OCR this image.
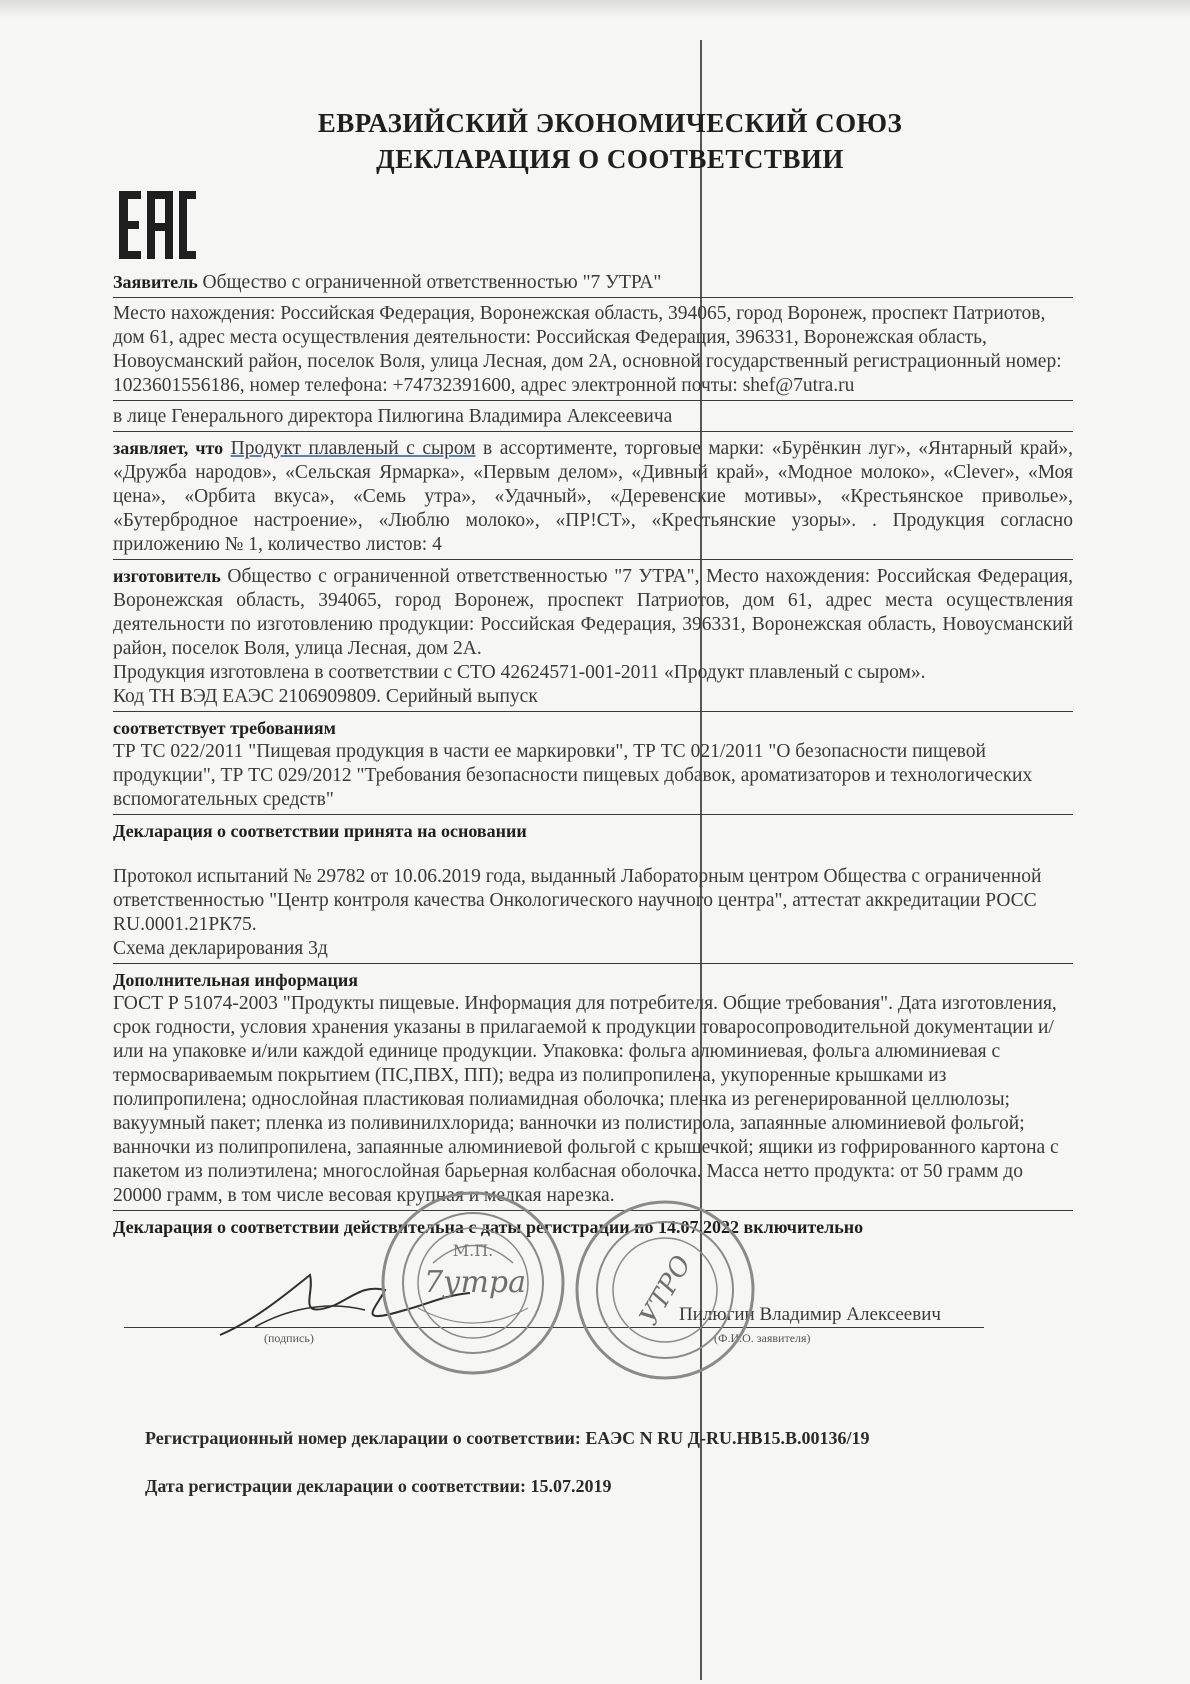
ЕВРАЗИЙСКИЙ ЭКОНОМИЧЕСКИЙ СОЮЗ
ДЕКЛАРАЦИЯ О СООТВЕТСТВИИ
Заявитель Общество с ограниченной ответственностью "7 УТРА"
Место нахождения: Российская Федерация, Воронежская область, 394065, город Воронеж, проспект Патриотов, дом 61, адрес места осуществления деятельности: Российская Федерация, 396331, Воронежская область, Новоусманский район, поселок Воля, улица Лесная, дом 2А, основной государственный регистрационный номер: 1023601556186, номер телефона: +74732391600, адрес электронной почты: shef@7utra.ru
в лице Генерального директора Пилюгина Владимира Алексеевича
заявляет, что Продукт плавленый с сыром в ассортименте, торговые марки: «Бурёнкин луг», «Янтарный край», «Дружба народов», «Сельская Ярмарка», «Первым делом», «Дивный край», «Модное молоко», «Clever», «Моя цена», «Орбита вкуса», «Семь утра», «Удачный», «Деревенские мотивы», «Крестьянское приволье», «Бутербродное настроение», «Люблю молоко», «ПР!СТ», «Крестьянские узоры». . Продукция согласно приложению № 1, количество листов: 4
изготовитель Общество с ограниченной ответственностью "7 УТРА", Место нахождения: Российская Федерация, Воронежская область, 394065, город Воронеж, проспект Патриотов, дом 61, адрес места осуществления деятельности по изготовлению продукции: Российская Федерация, 396331, Воронежская область, Новоусманский район, поселок Воля, улица Лесная, дом 2А.
Продукция изготовлена в соответствии с СТО 42624571-001-2011 «Продукт плавленый с сыром».
Код ТН ВЭД ЕАЭС 2106909809. Серийный выпуск
соответствует требованиям
ТР ТС 022/2011 "Пищевая продукция в части ее маркировки", ТР ТС 021/2011 "О безопасности пищевой продукции", ТР ТС 029/2012 "Требования безопасности пищевых добавок, ароматизаторов и технологических вспомогательных средств"
Декларация о соответствии принята на основании
Протокол испытаний № 29782 от 10.06.2019 года, выданный Лабораторным центром Общества с ограниченной ответственностью "Центр контроля качества Онкологического научного центра", аттестат аккредитации РОСС RU.0001.21РК75.
Схема декларирования 3д
Дополнительная информация
ГОСТ Р 51074-2003 "Продукты пищевые. Информация для потребителя. Общие требования". Дата изготовления, срок годности, условия хранения указаны в прилагаемой к продукции товаросопроводительной документации и/или на упаковке и/или каждой единице продукции. Упаковка: фольга алюминиевая, фольга алюминиевая с термосвариваемым покрытием (ПС,ПВХ, ПП); ведра из полипропилена, укупоренные крышками из полипропилена; однослойная пластиковая полиамидная оболочка; пленка из регенерированной целлюлозы; вакуумный пакет; пленка из поливинилхлорида; ванночки из полистирола, запаянные алюминиевой фольгой; ванночки из полипропилена, запаянные алюминиевой фольгой с крышечкой; ящики из гофрированного картона с пакетом из полиэтилена; многослойная барьерная колбасная оболочка. Масса нетто продукта: от 50 грамм до 20000 грамм, в том числе весовая крупная и мелкая нарезка.
Декларация о соответствии действительна с даты регистрации по 14.07.2022 включительно
Пилюгин Владимир Алексеевич
(подпись)	(Ф.И.О. заявителя)
М.П.
7утра	УТРО
Регистрационный номер декларации о соответствии: ЕАЭС N RU Д-RU.НВ15.В.00136/19
Дата регистрации декларации о соответствии: 15.07.2019
